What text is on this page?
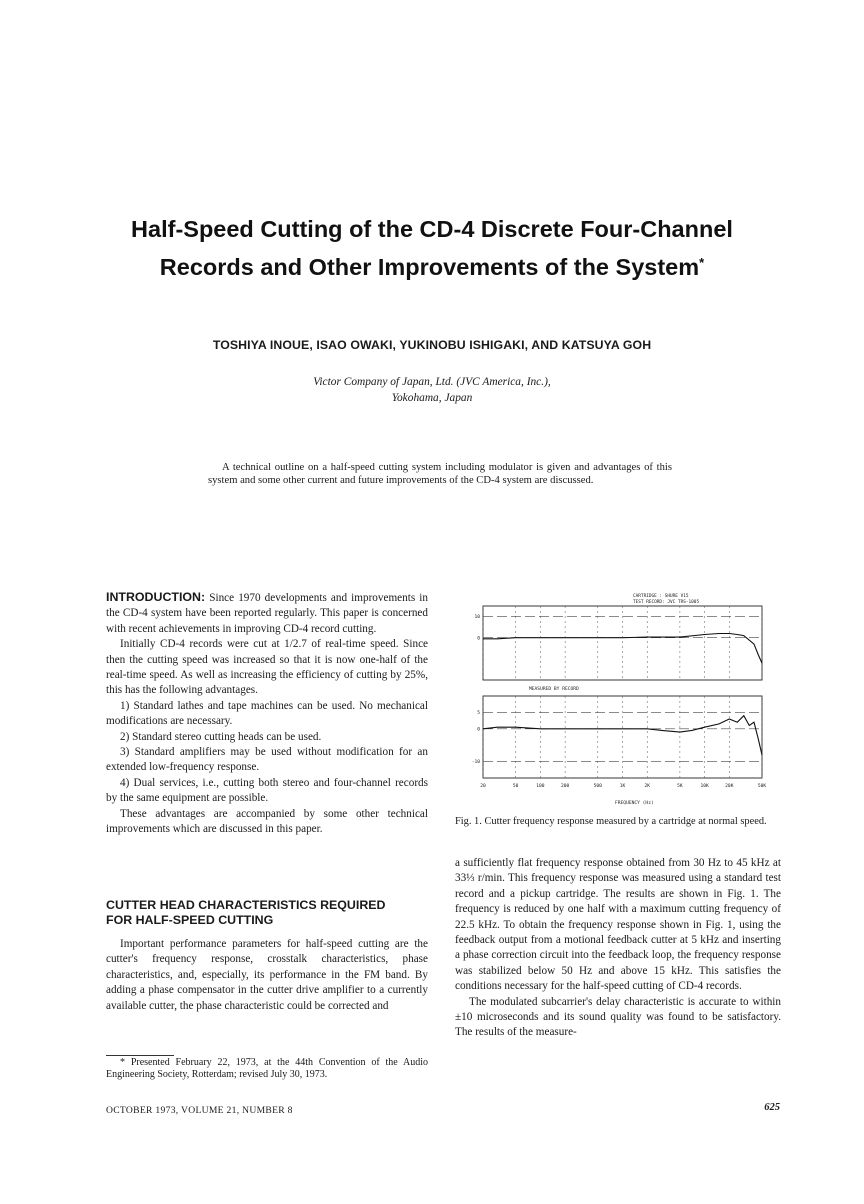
Half-Speed Cutting of the CD-4 Discrete Four-Channel
Records and Other Improvements of the System*
TOSHIYA INOUE, ISAO OWAKI, YUKINOBU ISHIGAKI, AND KATSUYA GOH
Victor Company of Japan, Ltd. (JVC America, Inc.),
Yokohama, Japan
A technical outline on a half-speed cutting system including modulator is given and advantages of this system and some other current and future improvements of the CD-4 system are discussed.

INTRODUCTION: Since 1970 developments and improvements in the CD-4 system have been reported regularly. This paper is concerned with recent achievements in improving CD-4 record cutting.

Initially CD-4 records were cut at 1/2.7 of real-time speed. Since then the cutting speed was increased so that it is now one-half of the real-time speed. As well as increasing the efficiency of cutting by 25%, this has the following advantages.

1) Standard lathes and tape machines can be used. No mechanical modifications are necessary.

2) Standard stereo cutting heads can be used.

3) Standard amplifiers may be used without modification for an extended low-frequency response.

4) Dual services, i.e., cutting both stereo and four-channel records by the same equipment are possible.

These advantages are accompanied by some other technical improvements which are discussed in this paper.

CUTTER HEAD CHARACTERISTICS REQUIRED
FOR HALF-SPEED CUTTING

Important performance parameters for half-speed cutting are the cutter's frequency response, crosstalk characteristics, phase characteristics, and, especially, its performance in the FM band. By adding a phase compensator in the cutter drive amplifier to a currently available cutter, the phase characteristic could be corrected and

* Presented February 22, 1973, at the 44th Convention of the Audio Engineering Society, Rotterdam; revised July 30, 1973.
OCTOBER 1973, VOLUME 21, NUMBER 8	625
10
0
5
0
-10
20	50	100	200	500	1K	2K	5K	10K	20K	50K
CARTRIDGE : SHURE V15
TEST RECORD: JVC TRS-1005
MEASURED BY RECORD
FREQUENCY (Hz)
Fig. 1. Cutter frequency response measured by a cartridge at normal speed.

a sufficiently flat frequency response obtained from 30 Hz to 45 kHz at 33⅓ r/min. This frequency response was measured using a standard test record and a pickup cartridge. The results are shown in Fig. 1. The frequency is reduced by one half with a maximum cutting frequency of 22.5 kHz. To obtain the frequency response shown in Fig. 1, using the feedback output from a motional feedback cutter at 5 kHz and inserting a phase correction circuit into the feedback loop, the frequency response was stabilized below 50 Hz and above 15 kHz. This satisfies the conditions necessary for the half-speed cutting of CD-4 records.

The modulated subcarrier's delay characteristic is accurate to within ±10 microseconds and its sound quality was found to be satisfactory. The results of the measure-
